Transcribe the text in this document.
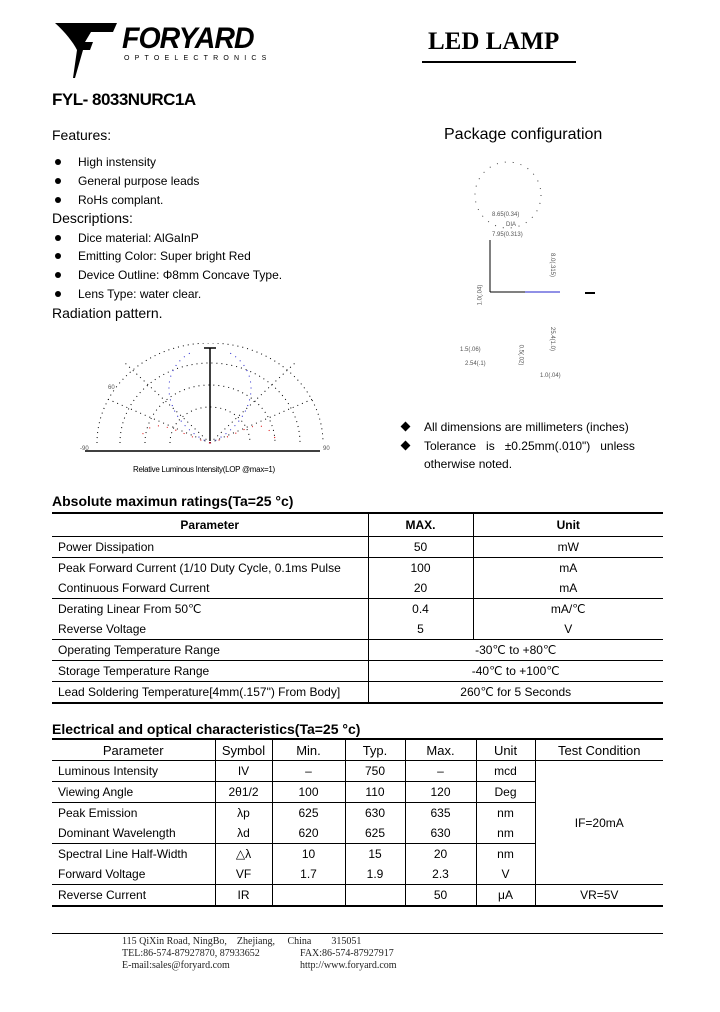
FORYARD
OPTOELECTRONICS
LED LAMP
FYL- 8033NURC1A
Features:
High instensity
General purpose leads
RoHs complant.
Descriptions:
Dice material: AlGaInP
Emitting Color: Super bright Red
Device Outline: Φ8mm Concave Type.
Lens Type: water clear.
Radiation pattern.
60
-90	90
Relative Luminous Intensity(LOP @max=1)
Package configuration
8.65(0.34)
DIA
7.95(0.313)
1.0(.04)
8.0(.315)
25.4(1.0)
1.5(.06)
2.54(.1)	0.5(.02)
1.0(.04)
All dimensions are millimeters (inches)
Tolerance   is   ±0.25mm(.010")   unless
otherwise noted.
Absolute maximun ratings(Ta=25 °c)
Parameter	MAX.	Unit
Power Dissipation	50	mW
Peak Forward Current (1/10 Duty Cycle, 0.1ms Pulse	100	mA
Continuous Forward Current	20	mA
Derating Linear From 50℃	0.4	mA/℃
Reverse Voltage	5	V
Operating Temperature Range	-30℃ to +80℃	
Storage Temperature Range	-40℃ to +100℃	
Lead Soldering Temperature[4mm(.157") From Body]	260℃ for 5 Seconds	
Electrical and optical characteristics(Ta=25 °c)
Parameter	Symbol	Min.	Typ.	Max.	Unit	Test Condition
Luminous Intensity	IV	–	750	–	mcd	IF=20mA
Viewing Angle	2θ1/2	100	110	120	Deg	
Peak Emission	λp	625	630	635	nm	
Dominant Wavelength	λd	620	625	630	nm	
Spectral Line Half-Width	△λ	10	15	20	nm	
Forward Voltage	VF	1.7	1.9	2.3	V	
Reverse Current	IR			50	μA	VR=5V
115 QiXin Road, NingBo,    Zhejiang,     China        315051
TEL:86-574-87927870, 87933652	FAX:86-574-87927917
E-mail:sales@foryard.com	http://www.foryard.com
